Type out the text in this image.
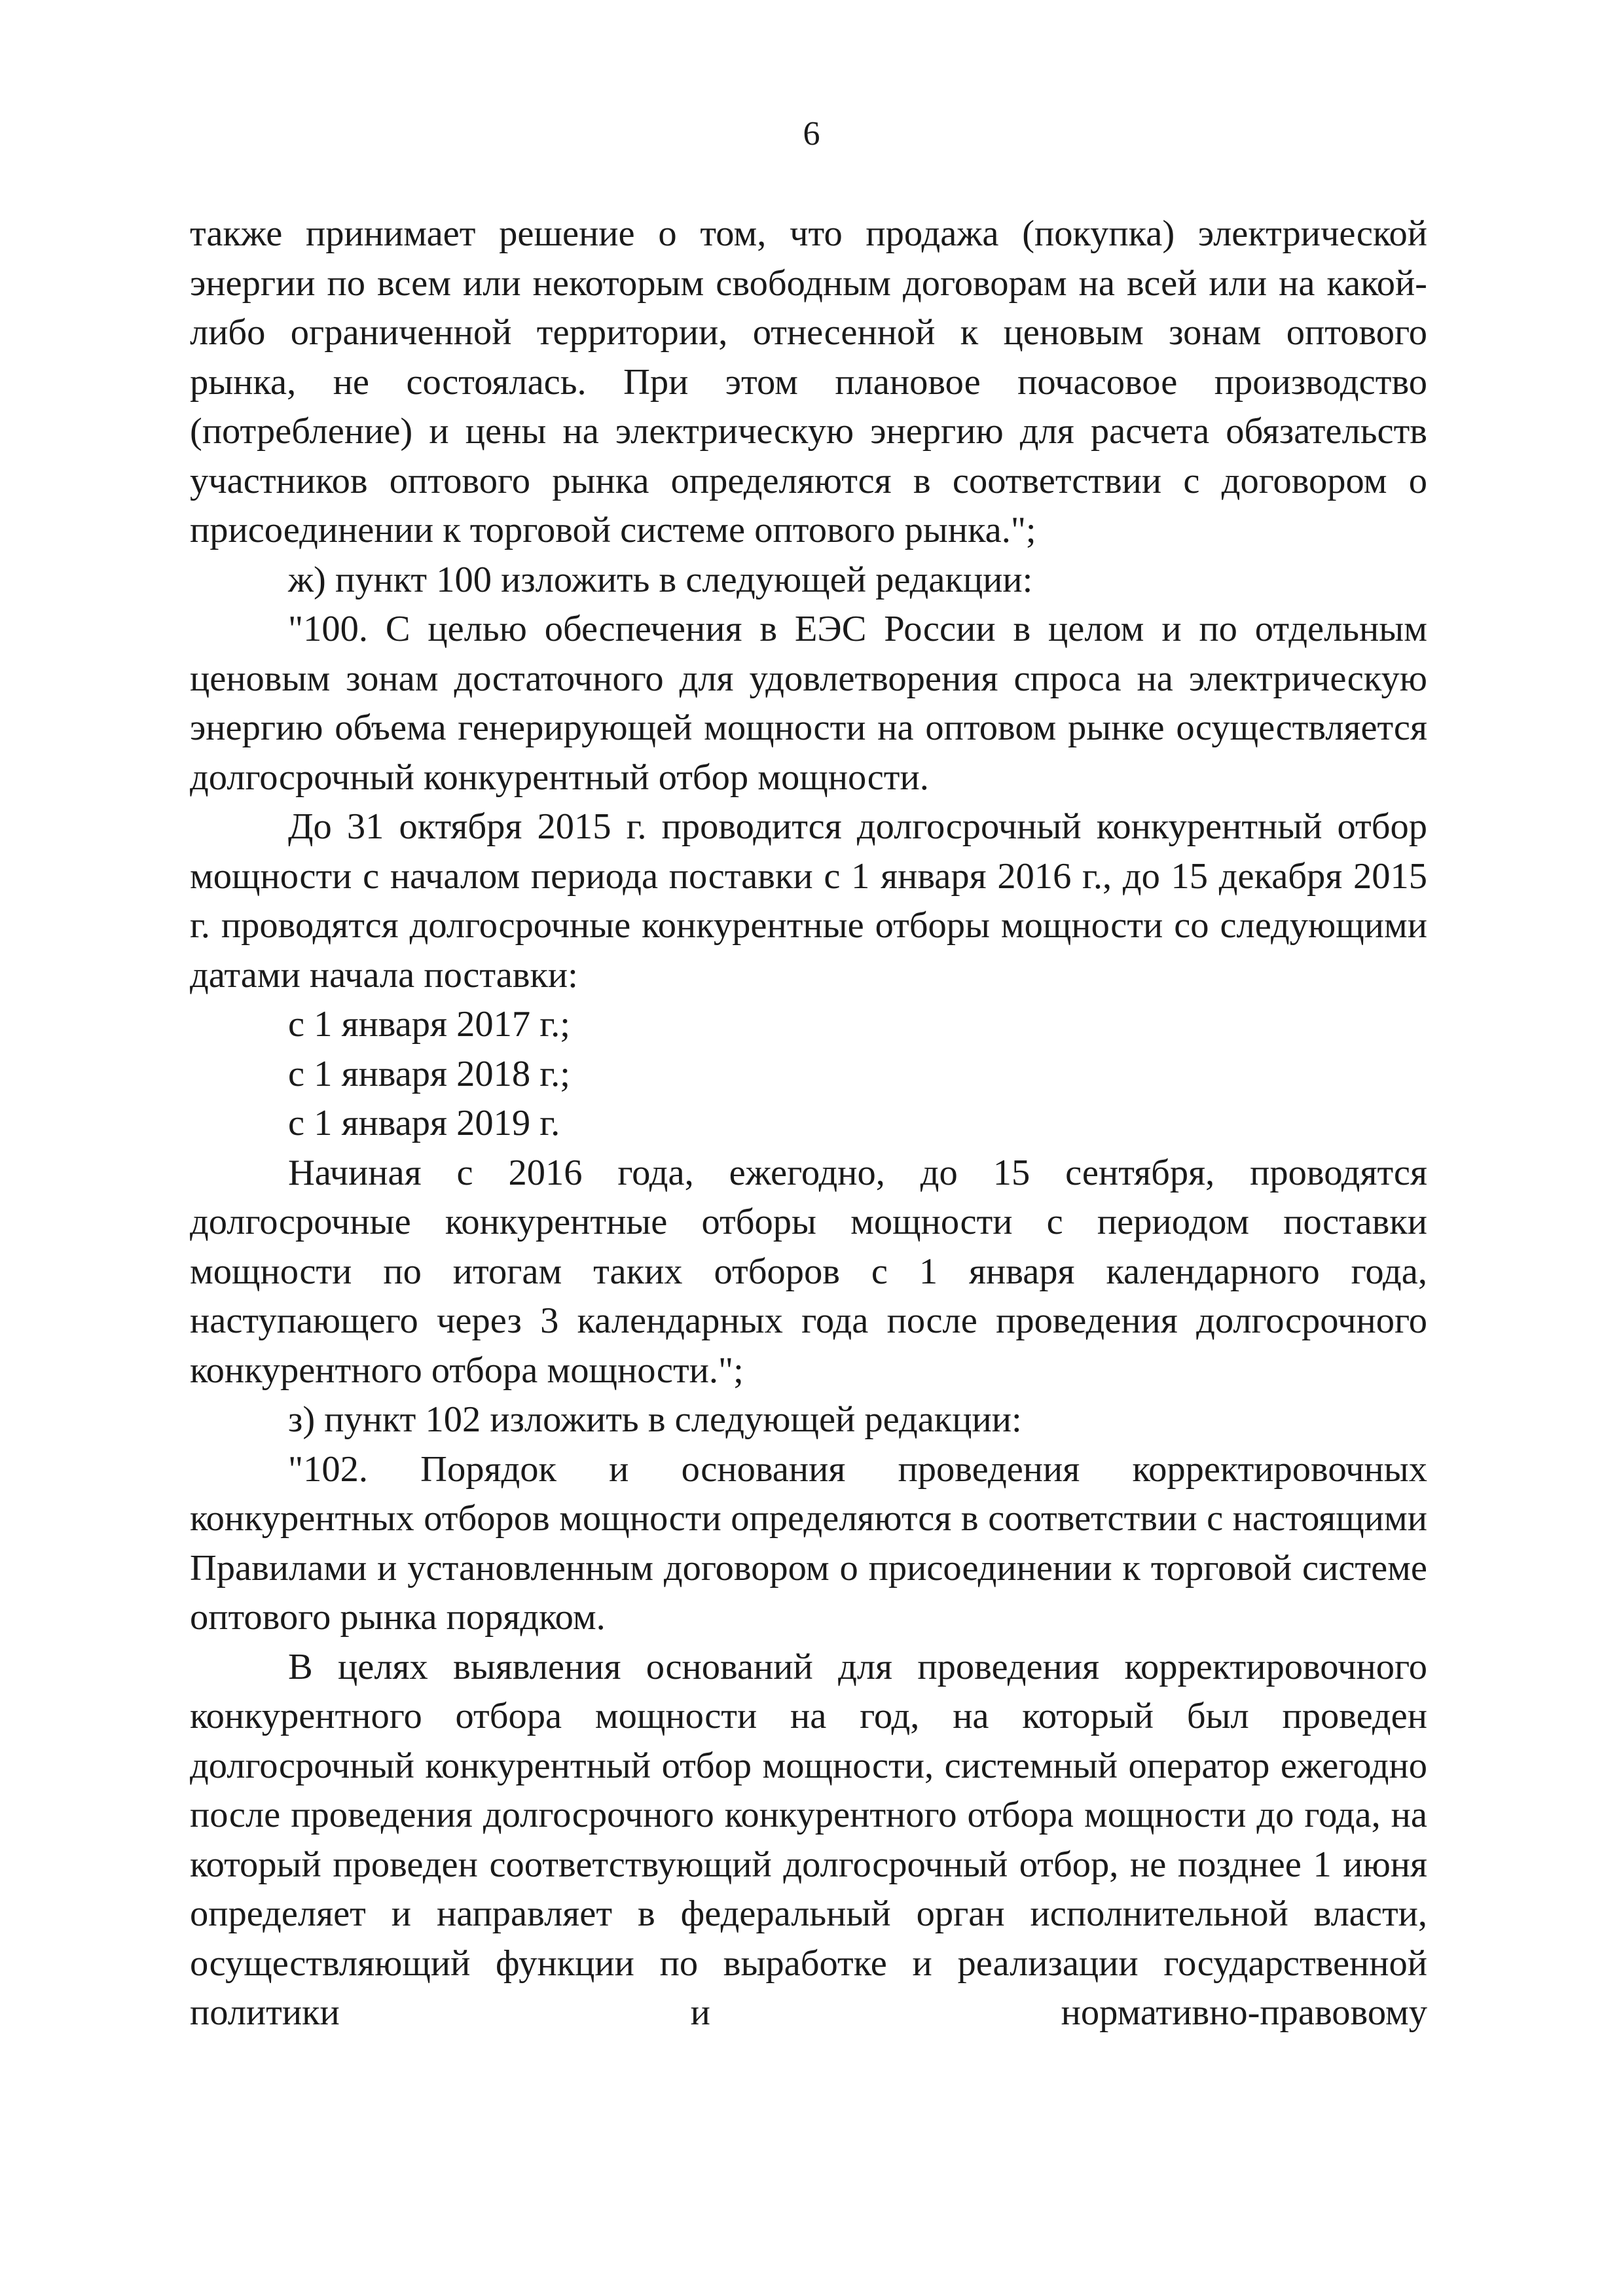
6

также принимает решение о том, что продажа (покупка) электрической энергии по всем или некоторым свободным договорам на всей или на какой-либо ограниченной территории, отнесенной к ценовым зонам оптового рынка, не состоялась. При этом плановое почасовое производство (потребление) и цены на электрическую энергию для расчета обязательств участников оптового рынка определяются в соответствии с договором о присоединении к торговой системе оптового рынка.";

ж) пункт 100 изложить в следующей редакции:

"100. С целью обеспечения в ЕЭС России в целом и по отдельным ценовым зонам достаточного для удовлетворения спроса на электрическую энергию объема генерирующей мощности на оптовом рынке осуществляется долгосрочный конкурентный отбор мощности.

До 31 октября 2015 г. проводится долгосрочный конкурентный отбор мощности с началом периода поставки с 1 января 2016 г., до 15 декабря 2015 г. проводятся долгосрочные конкурентные отборы мощности со следующими датами начала поставки:

с 1 января 2017 г.;

с 1 января 2018 г.;

с 1 января 2019 г.

Начиная с 2016 года, ежегодно, до 15 сентября, проводятся долгосрочные конкурентные отборы мощности с периодом поставки мощности по итогам таких отборов с 1 января календарного года, наступающего через 3 календарных года после проведения долгосрочного конкурентного отбора мощности.";

з) пункт 102 изложить в следующей редакции:

"102. Порядок и основания проведения корректировочных конкурентных отборов мощности определяются в соответствии с настоящими Правилами и установленным договором о присоединении к торговой системе оптового рынка порядком.

В целях выявления оснований для проведения корректировочного конкурентного отбора мощности на год, на который был проведен долгосрочный конкурентный отбор мощности, системный оператор ежегодно после проведения долгосрочного конкурентного отбора мощности до года, на который проведен соответствующий долгосрочный отбор, не позднее 1 июня определяет и направляет в федеральный орган исполнительной власти, осуществляющий функции по выработке и реализации государственной политики и нормативно-правовому
